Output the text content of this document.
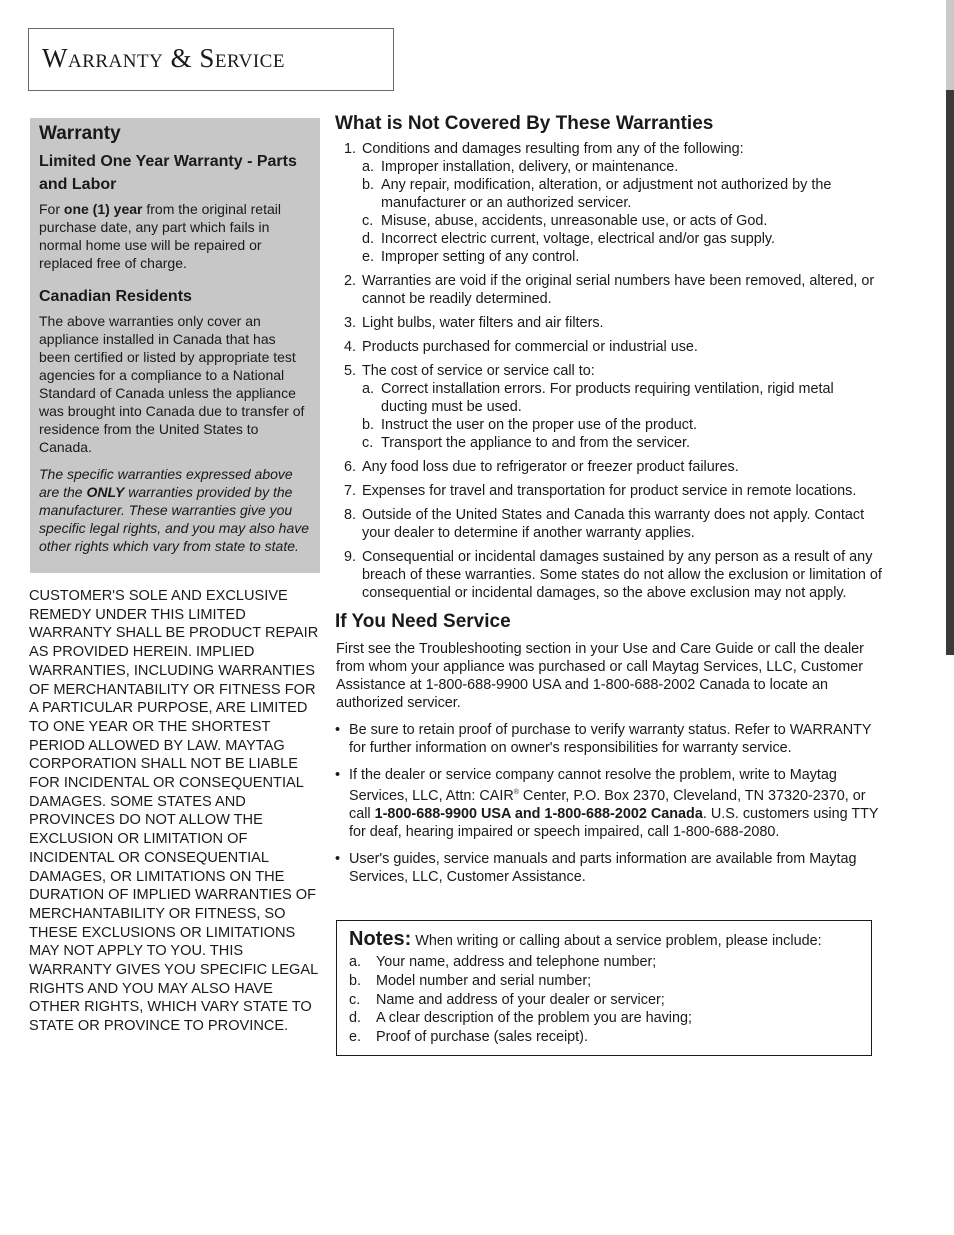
Warranty & Service
Warranty
Limited One Year Warranty - Parts and Labor

For one (1) year from the original retail purchase date, any part which fails in normal home use will be repaired or replaced free of charge.

Canadian Residents

The above warranties only cover an appliance installed in Canada that has been certified or listed by appropriate test agencies for a compliance to a National Standard of Canada unless the appliance was brought into Canada due to transfer of residence from the United States to Canada.

The specific warranties expressed above are the ONLY warranties provided by the manufacturer. These warranties give you specific legal rights, and you may also have other rights which vary from state to state.

CUSTOMER'S SOLE AND EXCLUSIVE REMEDY UNDER THIS LIMITED WARRANTY SHALL BE PRODUCT REPAIR AS PROVIDED HEREIN. IMPLIED WARRANTIES, INCLUDING WARRANTIES OF MERCHANTABILITY OR FITNESS FOR A PARTICULAR PURPOSE, ARE LIMITED TO ONE YEAR OR THE SHORTEST PERIOD ALLOWED BY LAW. MAYTAG CORPORATION SHALL NOT BE LIABLE FOR INCIDENTAL OR CONSEQUENTIAL DAMAGES. SOME STATES AND PROVINCES DO NOT ALLOW THE EXCLUSION OR LIMITATION OF INCIDENTAL OR CONSEQUENTIAL DAMAGES, OR LIMITATIONS ON THE DURATION OF IMPLIED WARRANTIES OF MERCHANTABILITY OR FITNESS, SO THESE EXCLUSIONS OR LIMITATIONS MAY NOT APPLY TO YOU. THIS WARRANTY GIVES YOU SPECIFIC LEGAL RIGHTS AND YOU MAY ALSO HAVE OTHER RIGHTS, WHICH VARY STATE TO STATE OR PROVINCE TO PROVINCE.
What is Not Covered By These Warranties
1. Conditions and damages resulting from any of the following:
a. Improper installation, delivery, or maintenance.
b. Any repair, modification, alteration, or adjustment not authorized by the manufacturer or an authorized servicer.
c. Misuse, abuse, accidents, unreasonable use, or acts of God.
d. Incorrect electric current, voltage, electrical and/or gas supply.
e. Improper setting of any control.
2. Warranties are void if the original serial numbers have been removed, altered, or cannot be readily determined.
3. Light bulbs, water filters and air filters.
4. Products purchased for commercial or industrial use.
5. The cost of service or service call to:
a. Correct installation errors. For products requiring ventilation, rigid metal ducting must be used.
b. Instruct the user on the proper use of the product.
c. Transport the appliance to and from the servicer.
6. Any food loss due to refrigerator or freezer product failures.
7. Expenses for travel and transportation for product service in remote locations.
8. Outside of the United States and Canada this warranty does not apply. Contact your dealer to determine if another warranty applies.
9. Consequential or incidental damages sustained by any person as a result of any breach of these warranties. Some states do not allow the exclusion or limitation of consequential or incidental damages, so the above exclusion may not apply.
If You Need Service
First see the Troubleshooting section in your Use and Care Guide or call the dealer from whom your appliance was purchased or call Maytag Services, LLC, Customer Assistance at 1-800-688-9900 USA and 1-800-688-2002 Canada to locate an authorized servicer.
• Be sure to retain proof of purchase to verify warranty status. Refer to WARRANTY for further information on owner's responsibilities for warranty service.
• If the dealer or service company cannot resolve the problem, write to Maytag Services, LLC, Attn: CAIR® Center, P.O. Box 2370, Cleveland, TN 37320-2370, or call 1-800-688-9900 USA and 1-800-688-2002 Canada. U.S. customers using TTY for deaf, hearing impaired or speech impaired, call 1-800-688-2080.
• User's guides, service manuals and parts information are available from Maytag Services, LLC, Customer Assistance.
Notes: When writing or calling about a service problem, please include:
a.	Your name, address and telephone number;
b.	Model number and serial number;
c.	Name and address of your dealer or servicer;
d.	A clear description of the problem you are having;
e.	Proof of purchase (sales receipt).
